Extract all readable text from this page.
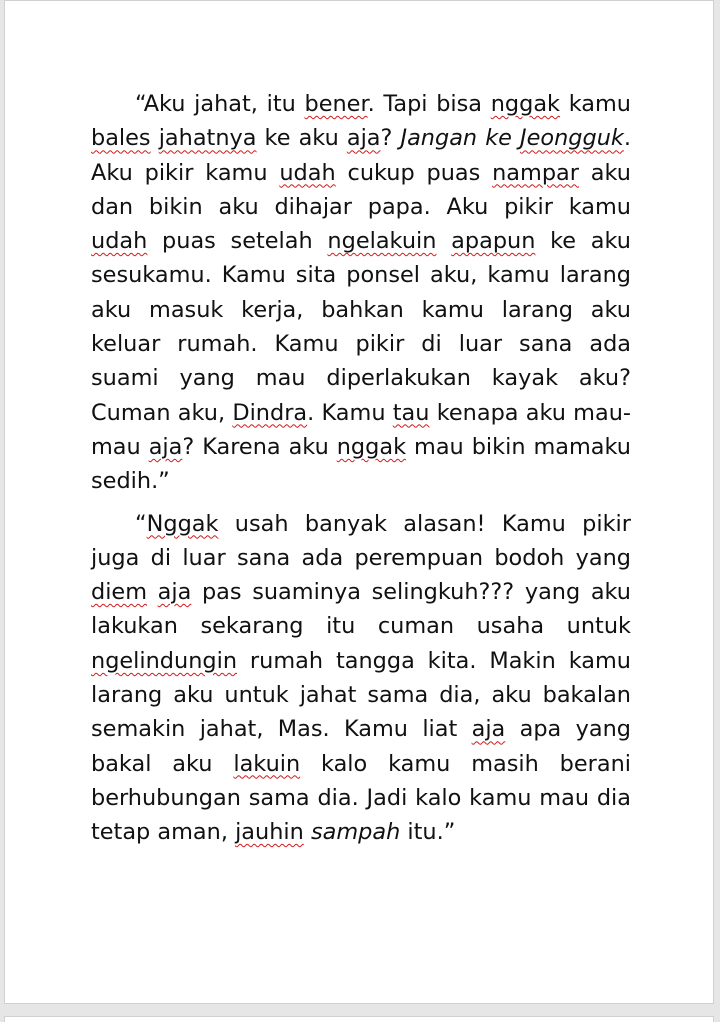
“Aku jahat, itu bener. Tapi bisa nggak kamu bales jahatnya ke aku aja? Jangan ke Jeongguk. Aku pikir kamu udah cukup puas nampar aku dan bikin aku dihajar papa. Aku pikir kamu udah puas setelah ngelakuin apapun ke aku sesukamu. Kamu sita ponsel aku, kamu larang aku masuk kerja, bahkan kamu larang aku keluar rumah. Kamu pikir di luar sana ada suami yang mau diperlakukan kayak aku? Cuman aku, Dindra. Kamu tau kenapa aku mau-mau aja? Karena aku nggak mau bikin mamaku sedih.”

“Nggak usah banyak alasan! Kamu pikir juga di luar sana ada perempuan bodoh yang diem aja pas suaminya selingkuh??? yang aku lakukan sekarang itu cuman usaha untuk ngelindungin rumah tangga kita. Makin kamu larang aku untuk jahat sama dia, aku bakalan semakin jahat, Mas. Kamu liat aja apa yang bakal aku lakuin kalo kamu masih berani berhubungan sama dia. Jadi kalo kamu mau dia tetap aman, jauhin sampah itu.”
